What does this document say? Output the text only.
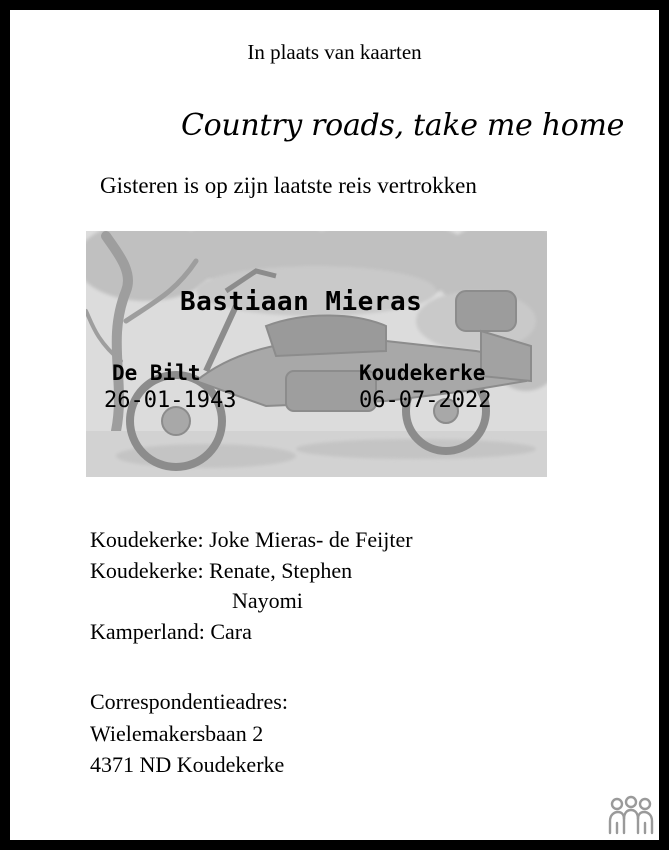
In plaats van kaarten
Country roads, take me home
Gisteren is op zijn laatste reis vertrokken
Bastiaan Mieras
De Bilt	Koudekerke
26-01-1943	06-07-2022
Koudekerke: Joke Mieras- de Feijter
Koudekerke: Renate, Stephen
Nayomi
Kamperland: Cara
Correspondentieadres:
Wielemakersbaan 2
4371 ND Koudekerke
